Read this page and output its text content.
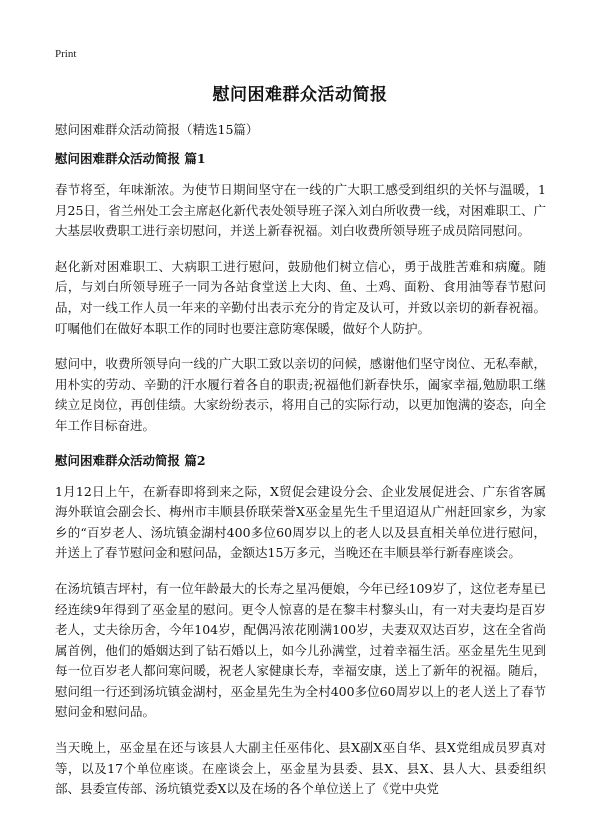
Print
慰问困难群众活动简报
慰问困难群众活动简报（精选15篇）
慰问困难群众活动简报 篇1

春节将至，年味渐浓。为使节日期间坚守在一线的广大职工感受到组织的关怀与温暖，1月25日，省兰州处工会主席赵化新代表处领导班子深入刘白所收费一线，对困难职工、广大基层收费职工进行亲切慰问，并送上新春祝福。刘白收费所领导班子成员陪同慰问。

赵化新对困难职工、大病职工进行慰问，鼓励他们树立信心，勇于战胜苦难和病魔。随后，与刘白所领导班子一同为各站食堂送上大肉、鱼、土鸡、面粉、食用油等春节慰问品，对一线工作人员一年来的辛勤付出表示充分的肯定及认可，并致以亲切的新春祝福。叮嘱他们在做好本职工作的同时也要注意防寒保暖，做好个人防护。

慰问中，收费所领导向一线的广大职工致以亲切的问候，感谢他们坚守岗位、无私奉献，用朴实的劳动、辛勤的汗水履行着各自的职责;祝福他们新春快乐，阖家幸福,勉励职工继续立足岗位，再创佳绩。大家纷纷表示，将用自己的实际行动，以更加饱满的姿态，向全年工作目标奋进。

慰问困难群众活动简报 篇2

1月12日上午，在新春即将到来之际，X贸促会建设分会、企业发展促进会、广东省客属海外联谊会副会长、梅州市丰顺县侨联荣誉X巫金星先生千里迢迢从广州赶回家乡，为家乡的“百岁老人、汤坑镇金湖村400多位60周岁以上的老人以及县直相关单位进行慰问，并送上了春节慰问金和慰问品，金额达15万多元，当晚还在丰顺县举行新春座谈会。

在汤坑镇吉坪村，有一位年龄最大的长寿之星冯便娘，今年已经109岁了，这位老寿星已经连续9年得到了巫金星的慰问。更令人惊喜的是在黎丰村黎头山，有一对夫妻均是百岁老人，丈夫徐历舍，今年104岁，配偶冯浓花刚满100岁，夫妻双双达百岁，这在全省尚属首例，他们的婚姻达到了钻石婚以上，如今儿孙满堂，过着幸福生活。巫金星先生见到每一位百岁老人都问寒问暖，祝老人家健康长寿，幸福安康，送上了新年的祝福。随后，慰问组一行还到汤坑镇金湖村，巫金星先生为全村400多位60周岁以上的老人送上了春节慰问金和慰问品。

当天晚上，巫金星在还与该县人大副主任巫伟化、县X副X巫自华、县X党组成员罗真对等，以及17个单位座谈。在座谈会上，巫金星为县委、县X、县X、县人大、县委组织部、县委宣传部、汤坑镇党委X以及在场的各个单位送上了《党中央党
